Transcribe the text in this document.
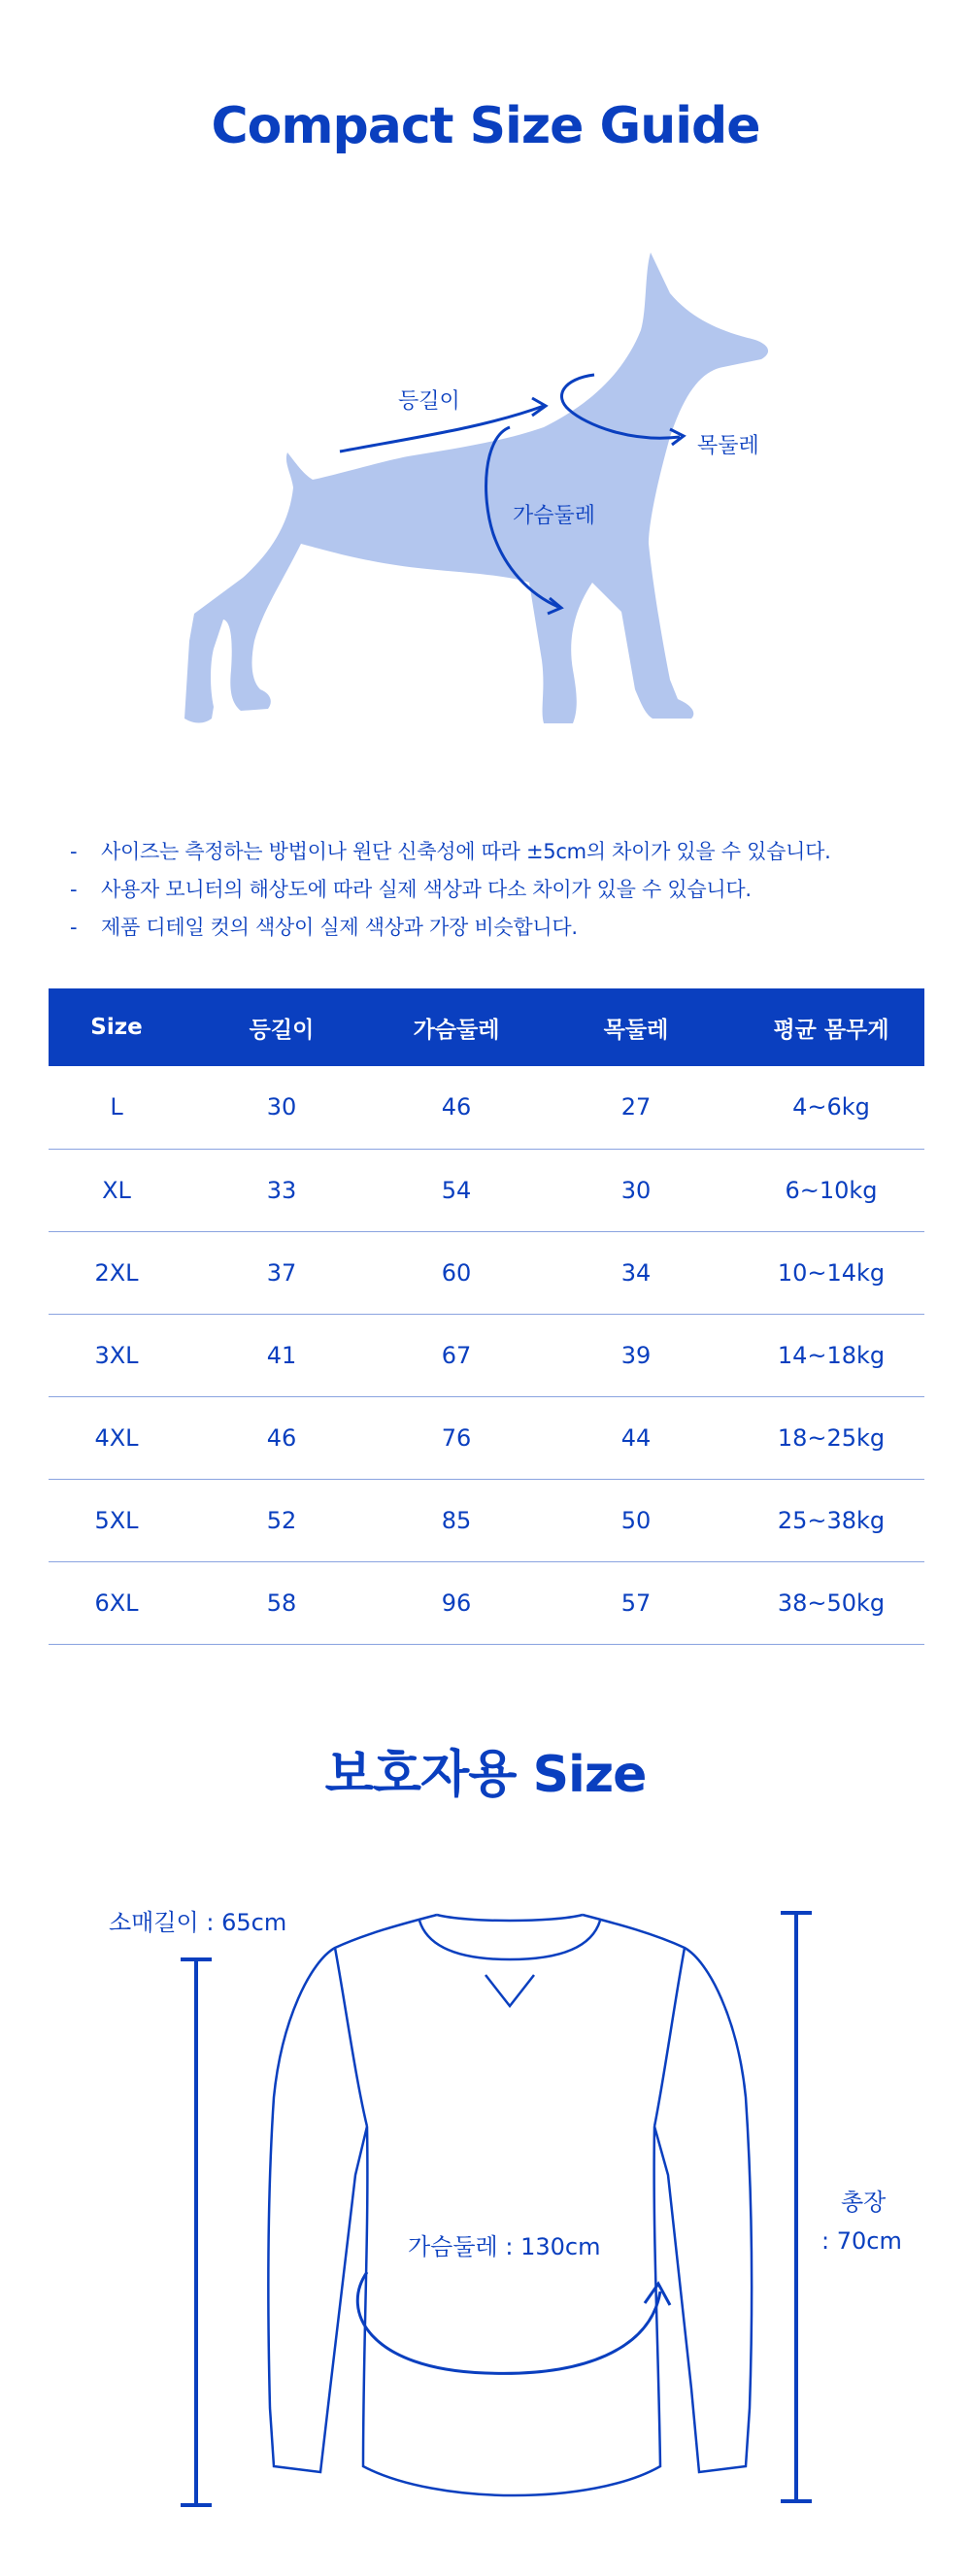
Compact Size Guide
등길이
목둘레
가슴둘레
- 사이즈는 측정하는 방법이나 원단 신축성에 따라 ±5cm의 차이가 있을 수 있습니다.
- 사용자 모니터의 해상도에 따라 실제 색상과 다소 차이가 있을 수 있습니다.
- 제품 디테일 컷의 색상이 실제 색상과 가장 비슷합니다.
Size	등길이	가슴둘레	목둘레	평균 몸무게
L	30	46	27	4~6kg
XL	33	54	30	6~10kg
2XL	37	60	34	10~14kg
3XL	41	67	39	14~18kg
4XL	46	76	44	18~25kg
5XL	52	85	50	25~38kg
6XL	58	96	57	38~50kg
보호자용 Size
소매길이 : 65cm
가슴둘레 : 130cm
총장
: 70cm
